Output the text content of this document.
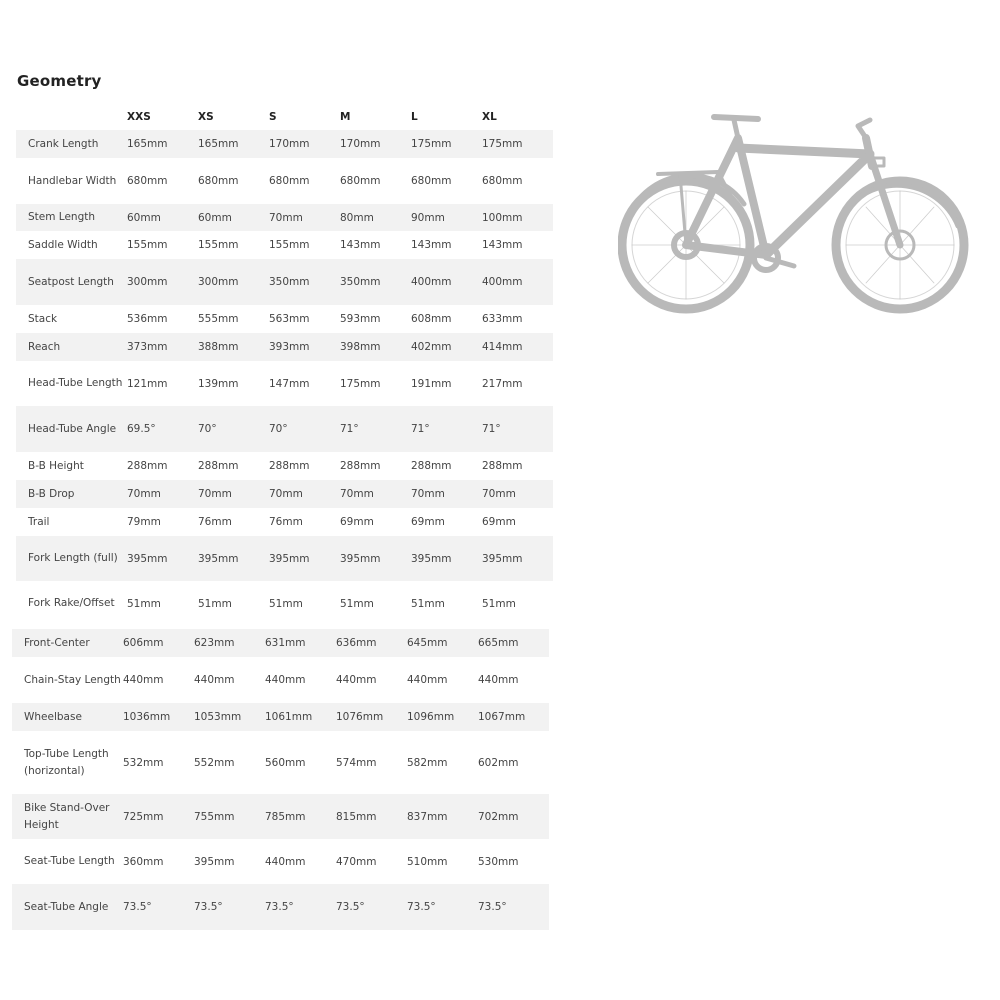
Geometry
	XXS	XS	S	M	L	XL
Crank Length	165mm	165mm	170mm	170mm	175mm	175mm
Handlebar Width	680mm	680mm	680mm	680mm	680mm	680mm
Stem Length	60mm	60mm	70mm	80mm	90mm	100mm
Saddle Width	155mm	155mm	155mm	143mm	143mm	143mm
Seatpost Length	300mm	300mm	350mm	350mm	400mm	400mm
Stack	536mm	555mm	563mm	593mm	608mm	633mm
Reach	373mm	388mm	393mm	398mm	402mm	414mm
Head-Tube Length	121mm	139mm	147mm	175mm	191mm	217mm
Head-Tube Angle	69.5°	70°	70°	71°	71°	71°
B-B Height	288mm	288mm	288mm	288mm	288mm	288mm
B-B Drop	70mm	70mm	70mm	70mm	70mm	70mm
Trail	79mm	76mm	76mm	69mm	69mm	69mm
Fork Length (full)	395mm	395mm	395mm	395mm	395mm	395mm
Fork Rake/Offset	51mm	51mm	51mm	51mm	51mm	51mm
Front-Center	606mm	623mm	631mm	636mm	645mm	665mm
Chain-Stay Length	440mm	440mm	440mm	440mm	440mm	440mm
Wheelbase	1036mm	1053mm	1061mm	1076mm	1096mm	1067mm
Top-Tube Length (horizontal)	532mm	552mm	560mm	574mm	582mm	602mm
Bike Stand-Over Height	725mm	755mm	785mm	815mm	837mm	702mm
Seat-Tube Length	360mm	395mm	440mm	470mm	510mm	530mm
Seat-Tube Angle	73.5°	73.5°	73.5°	73.5°	73.5°	73.5°
